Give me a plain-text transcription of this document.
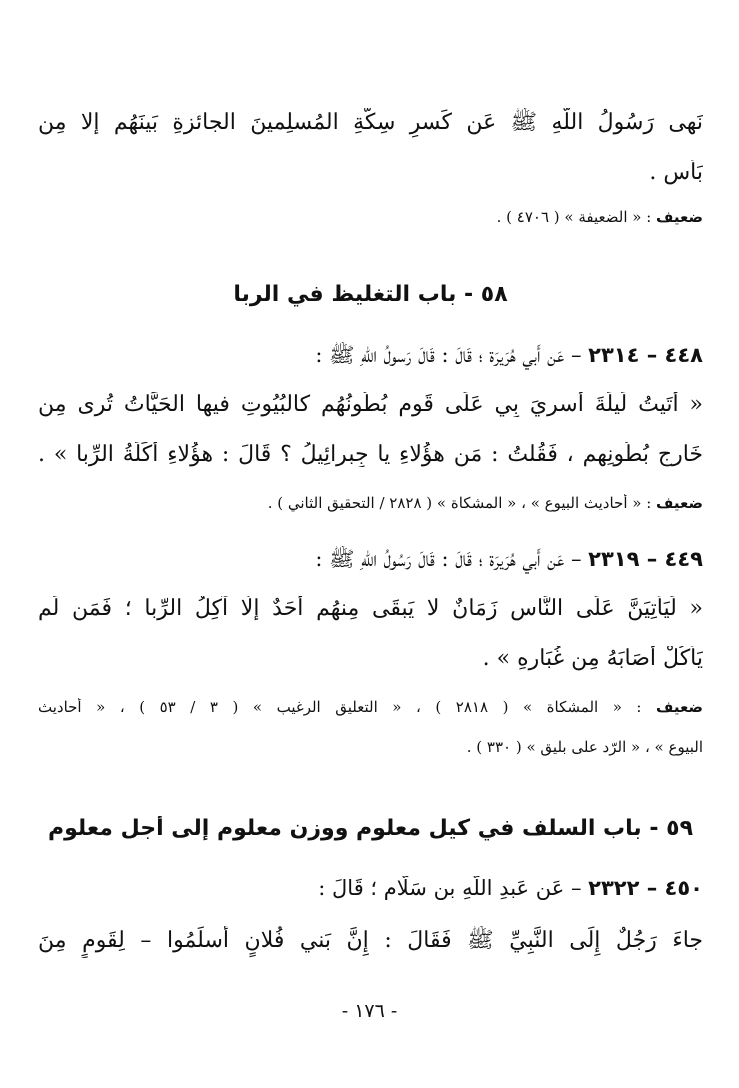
نَهى رَسُولُ اللّهِ ﷺ عَن كَسرِ سِكَّةِ المُسلِمينَ الجائزةِ بَينَهُم إلا مِن
بَأسٍ .
ضعيف : « الضعيفة » ( ٤٧٠٦ ) .
٥٨ - باب التغليظ في الربا
٤٤٨ – ٢٣١٤ – عَن أَبي هُرَيرَة ؛ قَالَ : قَالَ رَسولُ اللّهِ ﷺ :
« أَتَيتُ لَيلَةَ أُسرِيَ بِي عَلَى قَومٍ بُطُونُهُم كالبُيُوتِ فيها الحَيَّاتُ تُرى مِن
خَارِجِ بُطُونِهِم ، فَقُلتُ : مَن هؤُلاءِ يا جِبرائِيلُ ؟ قَالَ : هؤُلاءِ أَكَلَةُ الرِّبا » .
ضعيف : « أحاديث البيوع » ، « المشكاة » ( ٢٨٢٨ / التحقيق الثاني ) .
٤٤٩ – ٢٣١٩ – عَن أَبي هُرَيرَة ؛ قَالَ : قَالَ رَسُولُ اللّهِ ﷺ :
« لَيَأتِيَنَّ عَلَى النَّاسِ زَمَانٌ لا يَبقَى مِنهُم أَحَدٌ إِلّا آكِلُ الرِّبا ؛ فَمَن لَم
يَأكُلْ أَصَابَهُ مِن غُبَارِهِ » .
ضعيف : « المشكاة » ( ٢٨١٨ ) ، « التعليق الرغيب » ( ٣ / ٥٣ ) ، « أحاديث
البيوع » ، « الرّد على بليق » ( ٣٣٠ ) .
٥٩ - باب السلف في كيل معلوم ووزن معلوم إلى أجل معلوم
٤٥٠ – ٢٣٢٢ – عَن عَبدِ اللّهِ بنِ سَلّامٍ ؛ قَالَ :
جاءَ رَجُلٌ إِلَى النَّبِيِّ ﷺ فَقَالَ : إِنَّ بَني فُلانٍ أَسلَمُوا – لِقَومٍ مِنَ
- ١٧٦ -
